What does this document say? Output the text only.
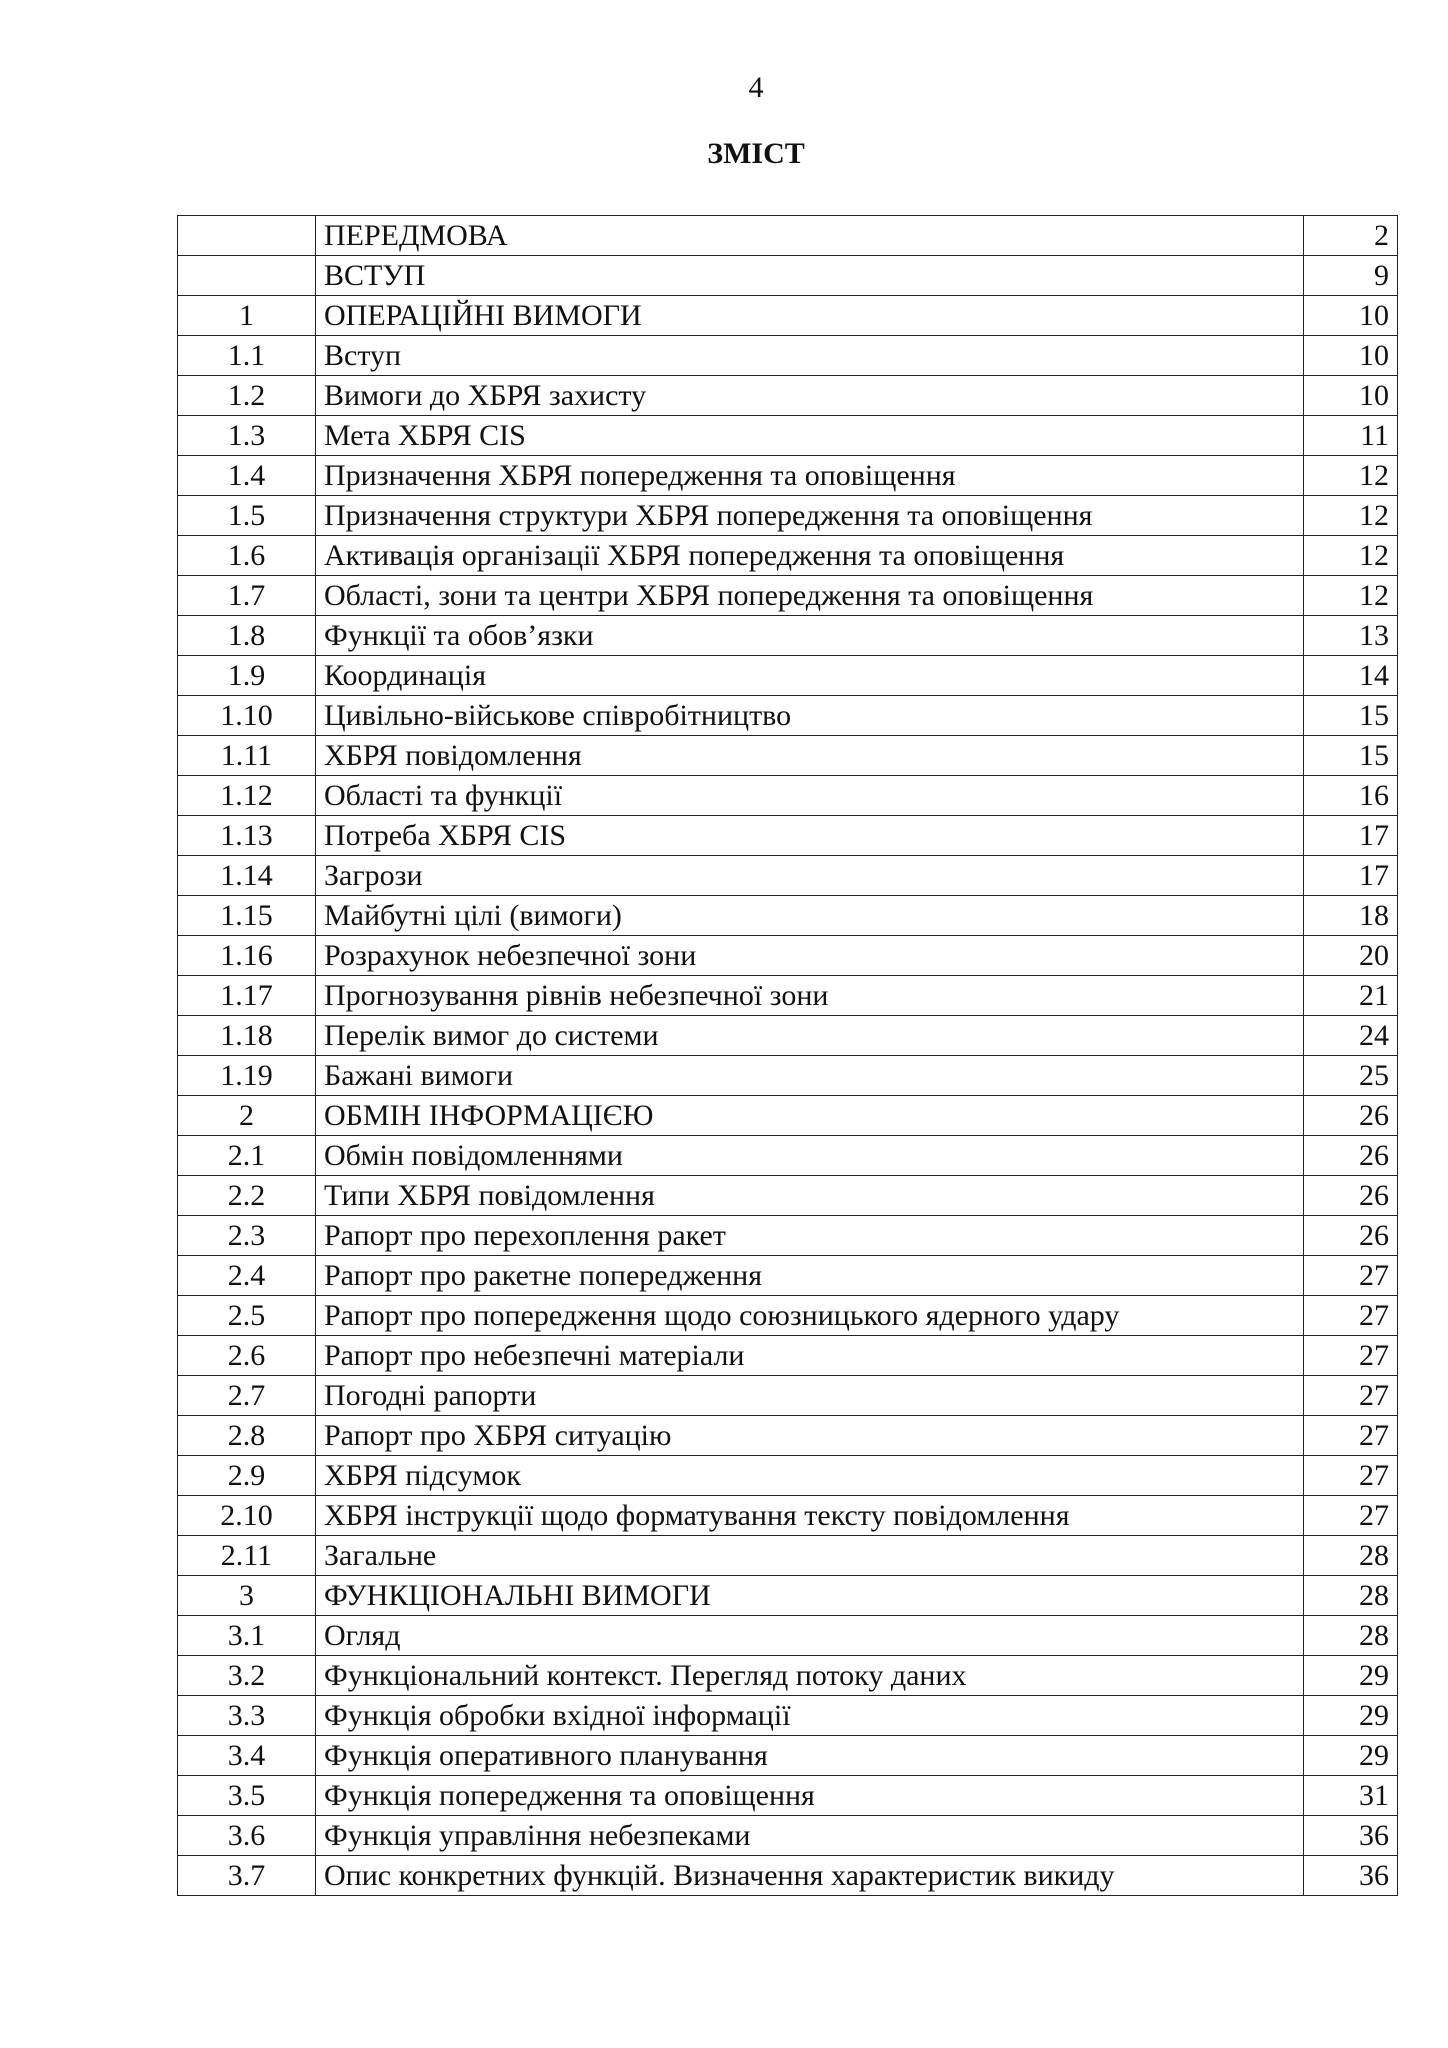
4
ЗМІСТ
	ПЕРЕДМОВА	2
	ВСТУП	9
1	ОПЕРАЦІЙНІ ВИМОГИ	10
1.1	Вступ	10
1.2	Вимоги до ХБРЯ захисту	10
1.3	Мета ХБРЯ CIS	11
1.4	Призначення ХБРЯ попередження та оповіщення	12
1.5	Призначення структури ХБРЯ попередження та оповіщення	12
1.6	Активація організації ХБРЯ попередження та оповіщення	12
1.7	Області, зони та центри ХБРЯ попередження та оповіщення	12
1.8	Функції та обов’язки	13
1.9	Координація	14
1.10	Цивільно-військове співробітництво	15
1.11	ХБРЯ повідомлення	15
1.12	Області та функції	16
1.13	Потреба ХБРЯ CIS	17
1.14	Загрози	17
1.15	Майбутні цілі (вимоги)	18
1.16	Розрахунок небезпечної зони	20
1.17	Прогнозування рівнів небезпечної зони	21
1.18	Перелік вимог до системи	24
1.19	Бажані вимоги	25
2	ОБМІН ІНФОРМАЦІЄЮ	26
2.1	Обмін повідомленнями	26
2.2	Типи ХБРЯ повідомлення	26
2.3	Рапорт про перехоплення ракет	26
2.4	Рапорт про ракетне попередження	27
2.5	Рапорт про попередження щодо союзницького ядерного удару	27
2.6	Рапорт про небезпечні матеріали	27
2.7	Погодні рапорти	27
2.8	Рапорт про ХБРЯ ситуацію	27
2.9	ХБРЯ підсумок	27
2.10	ХБРЯ інструкції щодо форматування тексту повідомлення	27
2.11	Загальне	28
3	ФУНКЦІОНАЛЬНІ ВИМОГИ	28
3.1	Огляд	28
3.2	Функціональний контекст. Перегляд потоку даних	29
3.3	Функція обробки вхідної інформації	29
3.4	Функція оперативного планування	29
3.5	Функція попередження та оповіщення	31
3.6	Функція управління небезпеками	36
3.7	Опис конкретних функцій. Визначення характеристик викиду	36
